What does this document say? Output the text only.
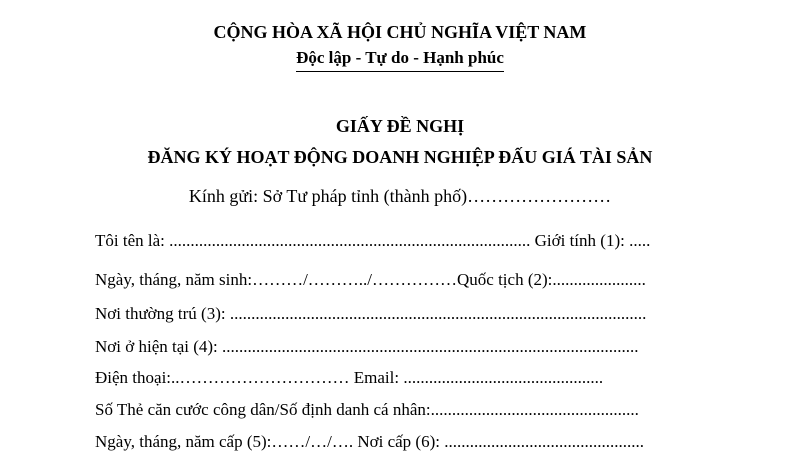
CỘNG HÒA XÃ HỘI CHỦ NGHĨA VIỆT NAM
Độc lập - Tự do - Hạnh phúc
GIẤY ĐỀ NGHỊ
ĐĂNG KÝ HOẠT ĐỘNG DOANH NGHIỆP ĐẤU GIÁ TÀI SẢN
Kính gửi: Sở Tư pháp tỉnh (thành phố)……………………
Tôi tên là: ..................................................................................... Giới tính (1): .....
Ngày, tháng, năm sinh:………/………../……………Quốc tịch (2):......................
Nơi thường trú (3): ..................................................................................................
Nơi ở hiện tại (4): ..................................................................................................
Điện thoại:..………………………… Email: ...............................................
Số Thẻ căn cước công dân/Số định danh cá nhân:.................................................
Ngày, tháng, năm cấp (5):……/…/…. Nơi cấp (6): ...............................................
